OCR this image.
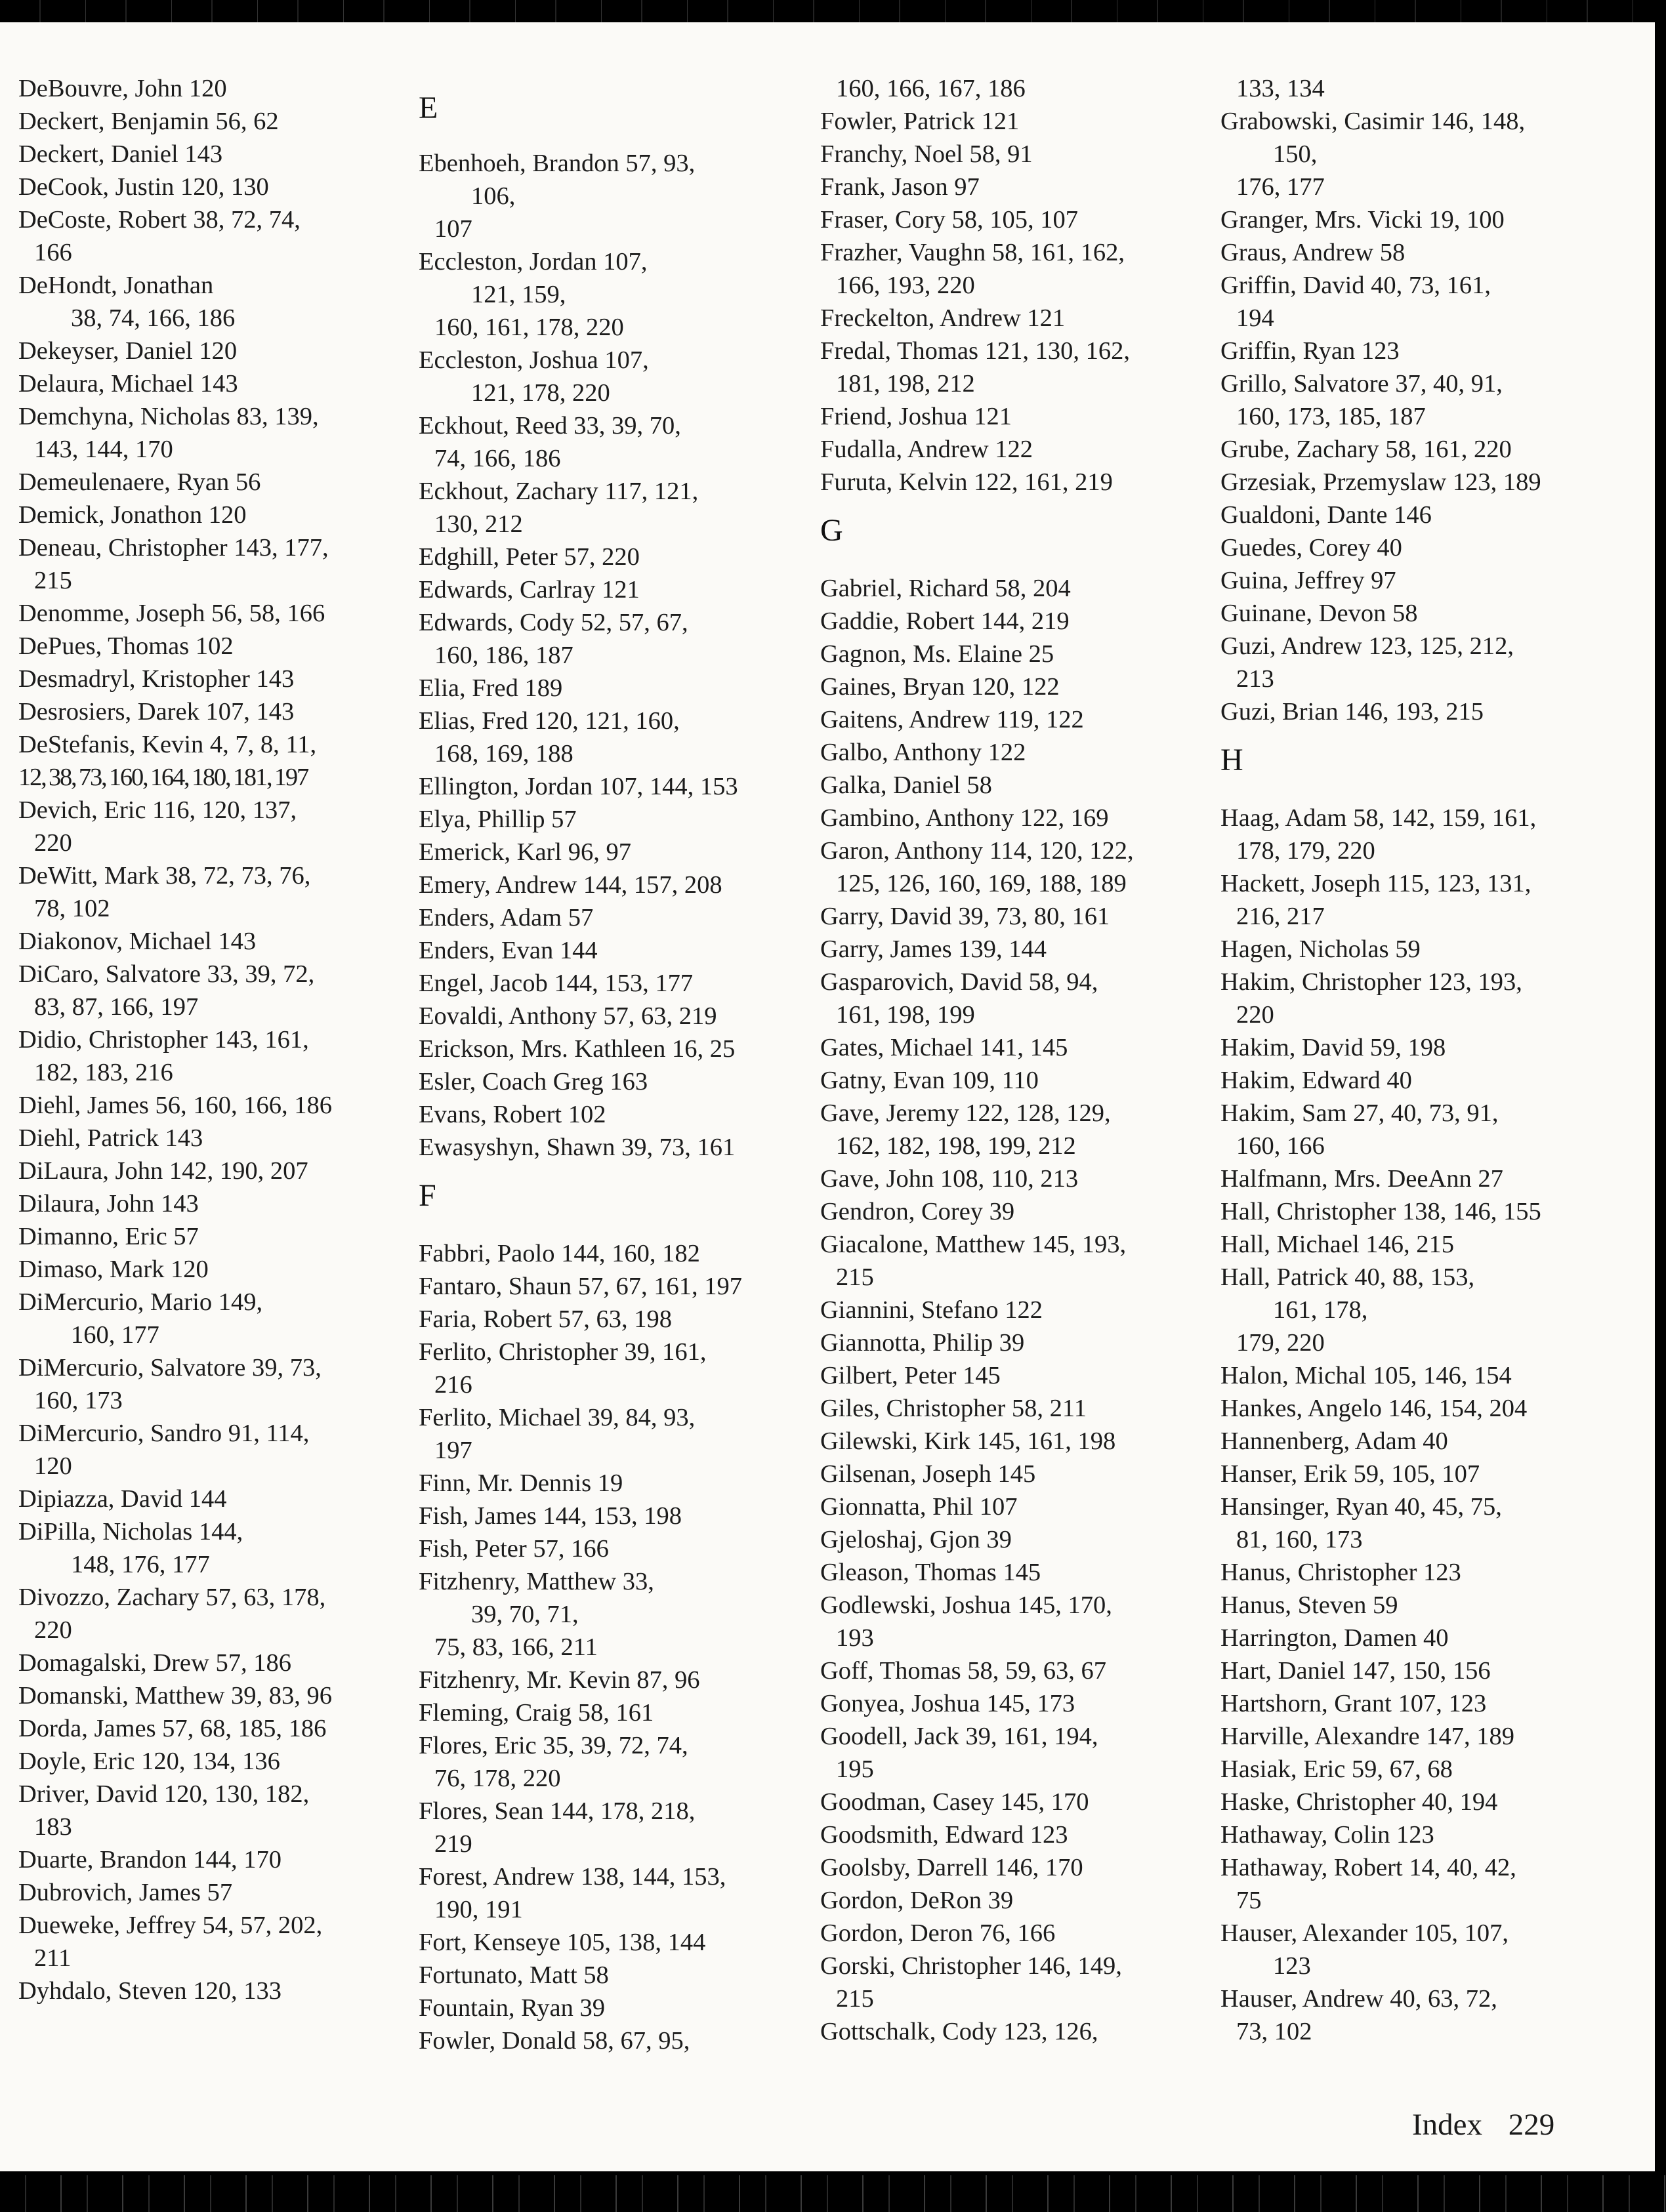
DeBouvre, John 120
Deckert, Benjamin 56, 62
Deckert, Daniel 143
DeCook, Justin 120, 130
DeCoste, Robert 38, 72, 74,
166
DeHondt, Jonathan
38, 74, 166, 186
Dekeyser, Daniel 120
Delaura, Michael 143
Demchyna, Nicholas 83, 139,
143, 144, 170
Demeulenaere, Ryan 56
Demick, Jonathon 120
Deneau, Christopher 143, 177,
215
Denomme, Joseph 56, 58, 166
DePues, Thomas 102
Desmadryl, Kristopher 143
Desrosiers, Darek 107, 143
DeStefanis, Kevin 4, 7, 8, 11,
12, 38, 73, 160, 164, 180, 181, 197
Devich, Eric 116, 120, 137,
220
DeWitt, Mark 38, 72, 73, 76,
78, 102
Diakonov, Michael 143
DiCaro, Salvatore 33, 39, 72,
83, 87, 166, 197
Didio, Christopher 143, 161,
182, 183, 216
Diehl, James 56, 160, 166, 186
Diehl, Patrick 143
DiLaura, John 142, 190, 207
Dilaura, John 143
Dimanno, Eric 57
Dimaso, Mark 120
DiMercurio, Mario 149,
160, 177
DiMercurio, Salvatore 39, 73,
160, 173
DiMercurio, Sandro 91, 114,
120
Dipiazza, David 144
DiPilla, Nicholas 144,
148, 176, 177
Divozzo, Zachary 57, 63, 178,
220
Domagalski, Drew 57, 186
Domanski, Matthew 39, 83, 96
Dorda, James 57, 68, 185, 186
Doyle, Eric 120, 134, 136
Driver, David 120, 130, 182,
183
Duarte, Brandon 144, 170
Dubrovich, James 57
Dueweke, Jeffrey 54, 57, 202,
211
Dyhdalo, Steven 120, 133
E
Ebenhoeh, Brandon 57, 93,
106,
107
Eccleston, Jordan 107,
121, 159,
160, 161, 178, 220
Eccleston, Joshua 107,
121, 178, 220
Eckhout, Reed 33, 39, 70,
74, 166, 186
Eckhout, Zachary 117, 121,
130, 212
Edghill, Peter 57, 220
Edwards, Carlray 121
Edwards, Cody 52, 57, 67,
160, 186, 187
Elia, Fred 189
Elias, Fred 120, 121, 160,
168, 169, 188
Ellington, Jordan 107, 144, 153
Elya, Phillip 57
Emerick, Karl 96, 97
Emery, Andrew 144, 157, 208
Enders, Adam 57
Enders, Evan 144
Engel, Jacob 144, 153, 177
Eovaldi, Anthony 57, 63, 219
Erickson, Mrs. Kathleen 16, 25
Esler, Coach Greg 163
Evans, Robert 102
Ewasyshyn, Shawn 39, 73, 161
F
Fabbri, Paolo 144, 160, 182
Fantaro, Shaun 57, 67, 161, 197
Faria, Robert 57, 63, 198
Ferlito, Christopher 39, 161,
216
Ferlito, Michael 39, 84, 93,
197
Finn, Mr. Dennis 19
Fish, James 144, 153, 198
Fish, Peter 57, 166
Fitzhenry, Matthew 33,
39, 70, 71,
75, 83, 166, 211
Fitzhenry, Mr. Kevin 87, 96
Fleming, Craig 58, 161
Flores, Eric 35, 39, 72, 74,
76, 178, 220
Flores, Sean 144, 178, 218,
219
Forest, Andrew 138, 144, 153,
190, 191
Fort, Kenseye 105, 138, 144
Fortunato, Matt 58
Fountain, Ryan 39
Fowler, Donald 58, 67, 95,
160, 166, 167, 186
Fowler, Patrick 121
Franchy, Noel 58, 91
Frank, Jason 97
Fraser, Cory 58, 105, 107
Frazher, Vaughn 58, 161, 162,
166, 193, 220
Freckelton, Andrew 121
Fredal, Thomas 121, 130, 162,
181, 198, 212
Friend, Joshua 121
Fudalla, Andrew 122
Furuta, Kelvin 122, 161, 219
G
Gabriel, Richard 58, 204
Gaddie, Robert 144, 219
Gagnon, Ms. Elaine 25
Gaines, Bryan 120, 122
Gaitens, Andrew 119, 122
Galbo, Anthony 122
Galka, Daniel 58
Gambino, Anthony 122, 169
Garon, Anthony 114, 120, 122,
125, 126, 160, 169, 188, 189
Garry, David 39, 73, 80, 161
Garry, James 139, 144
Gasparovich, David 58, 94,
161, 198, 199
Gates, Michael 141, 145
Gatny, Evan 109, 110
Gave, Jeremy 122, 128, 129,
162, 182, 198, 199, 212
Gave, John 108, 110, 213
Gendron, Corey 39
Giacalone, Matthew 145, 193,
215
Giannini, Stefano 122
Giannotta, Philip 39
Gilbert, Peter 145
Giles, Christopher 58, 211
Gilewski, Kirk 145, 161, 198
Gilsenan, Joseph 145
Gionnatta, Phil 107
Gjeloshaj, Gjon 39
Gleason, Thomas 145
Godlewski, Joshua 145, 170,
193
Goff, Thomas 58, 59, 63, 67
Gonyea, Joshua 145, 173
Goodell, Jack 39, 161, 194,
195
Goodman, Casey 145, 170
Goodsmith, Edward 123
Goolsby, Darrell 146, 170
Gordon, DeRon 39
Gordon, Deron 76, 166
Gorski, Christopher 146, 149,
215
Gottschalk, Cody 123, 126,
133, 134
Grabowski, Casimir 146, 148,
150,
176, 177
Granger, Mrs. Vicki 19, 100
Graus, Andrew 58
Griffin, David 40, 73, 161,
194
Griffin, Ryan 123
Grillo, Salvatore 37, 40, 91,
160, 173, 185, 187
Grube, Zachary 58, 161, 220
Grzesiak, Przemyslaw 123, 189
Gualdoni, Dante 146
Guedes, Corey 40
Guina, Jeffrey 97
Guinane, Devon 58
Guzi, Andrew 123, 125, 212,
213
Guzi, Brian 146, 193, 215
H
Haag, Adam 58, 142, 159, 161,
178, 179, 220
Hackett, Joseph 115, 123, 131,
216, 217
Hagen, Nicholas 59
Hakim, Christopher 123, 193,
220
Hakim, David 59, 198
Hakim, Edward 40
Hakim, Sam 27, 40, 73, 91,
160, 166
Halfmann, Mrs. DeeAnn 27
Hall, Christopher 138, 146, 155
Hall, Michael 146, 215
Hall, Patrick 40, 88, 153,
161, 178,
179, 220
Halon, Michal 105, 146, 154
Hankes, Angelo 146, 154, 204
Hannenberg, Adam 40
Hanser, Erik 59, 105, 107
Hansinger, Ryan 40, 45, 75,
81, 160, 173
Hanus, Christopher 123
Hanus, Steven 59
Harrington, Damen 40
Hart, Daniel 147, 150, 156
Hartshorn, Grant 107, 123
Harville, Alexandre 147, 189
Hasiak, Eric 59, 67, 68
Haske, Christopher 40, 194
Hathaway, Colin 123
Hathaway, Robert 14, 40, 42,
75
Hauser, Alexander 105, 107,
123
Hauser, Andrew 40, 63, 72,
73, 102
Index 229
